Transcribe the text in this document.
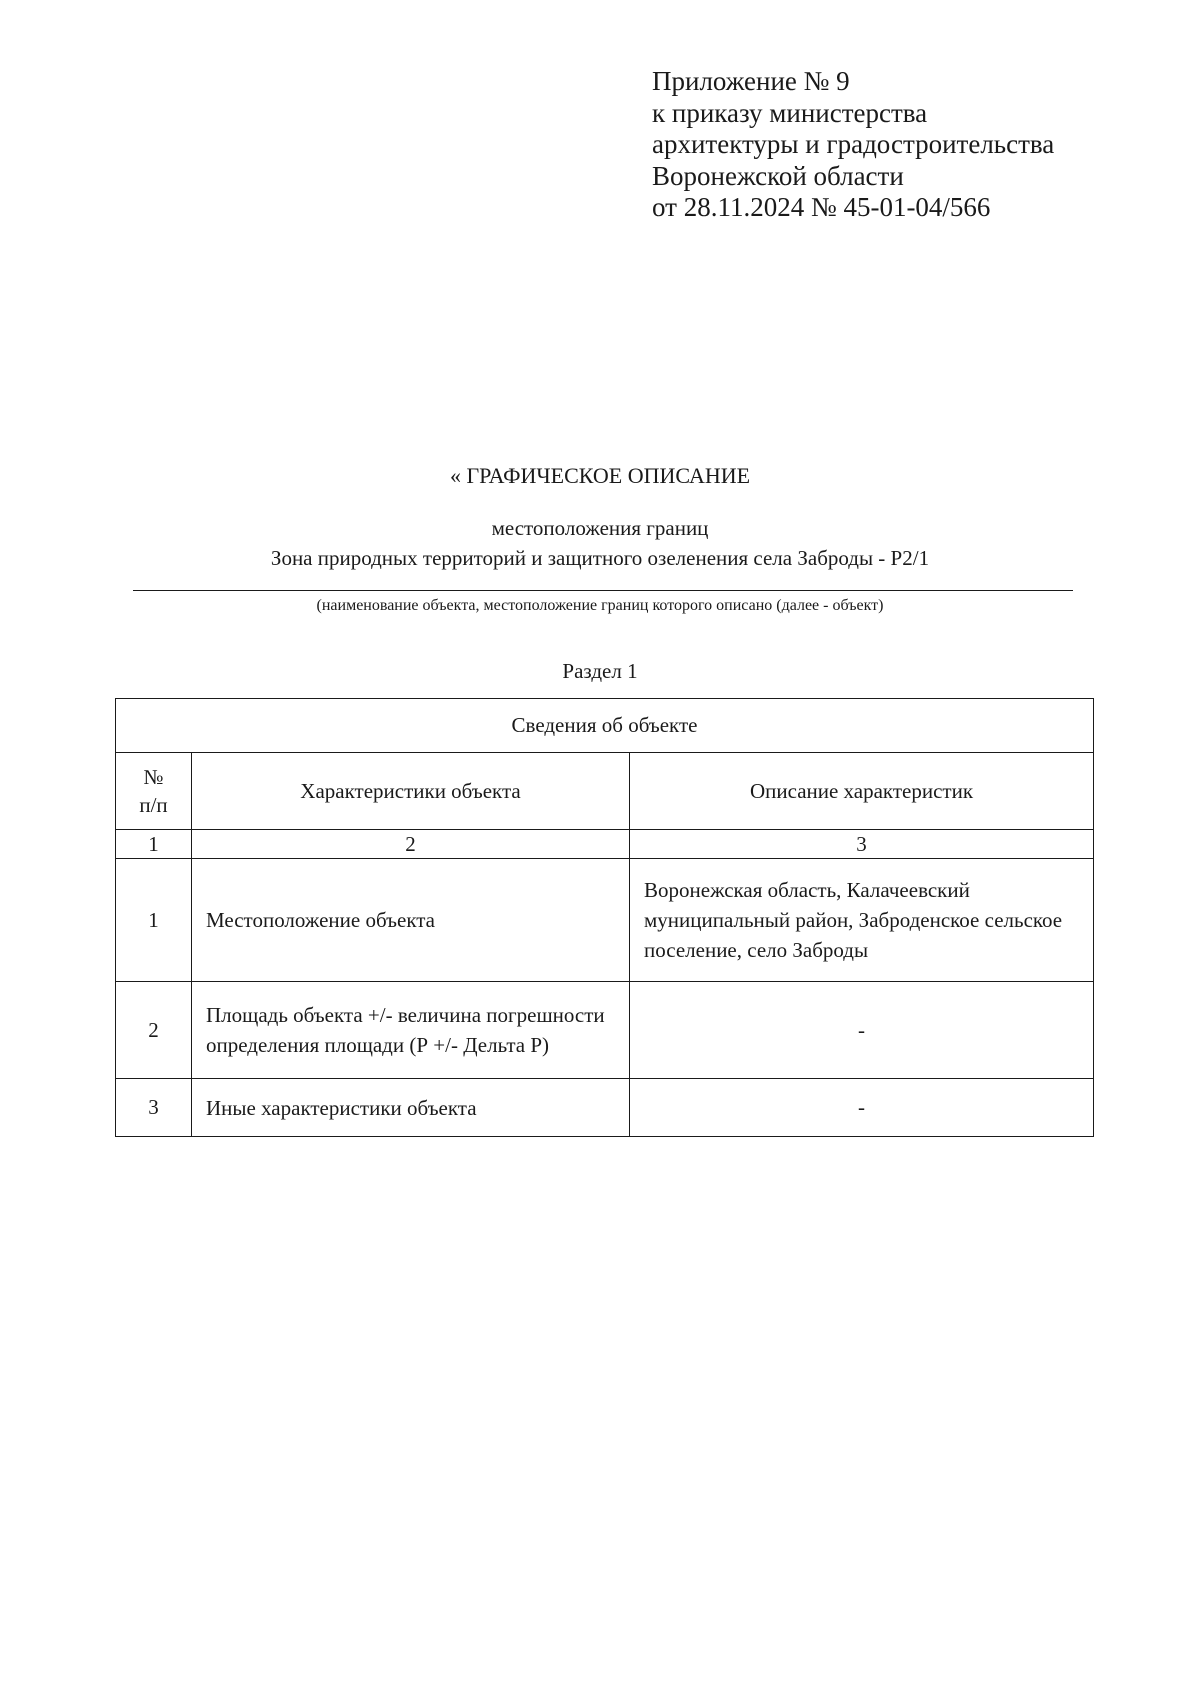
Приложение № 9
к приказу министерства
архитектуры и градостроительства
Воронежской области
от 28.11.2024 № 45-01-04/566
« ГРАФИЧЕСКОЕ ОПИСАНИЕ
местоположения границ
Зона природных территорий и защитного озеленения села Заброды - Р2/1
(наименование объекта, местоположение границ которого описано (далее - объект)
Раздел 1
Сведения об объекте		

№
п/п	Характеристики объекта	Описание характеристик
1	2	3
1	Местоположение объекта	Воронежская область, Калачеевский муниципальный район, Заброденское сельское поселение, село Заброды
2	Площадь объекта +/- величина погрешности определения площади (Р +/- Дельта Р)	-
3	Иные характеристики объекта	-
